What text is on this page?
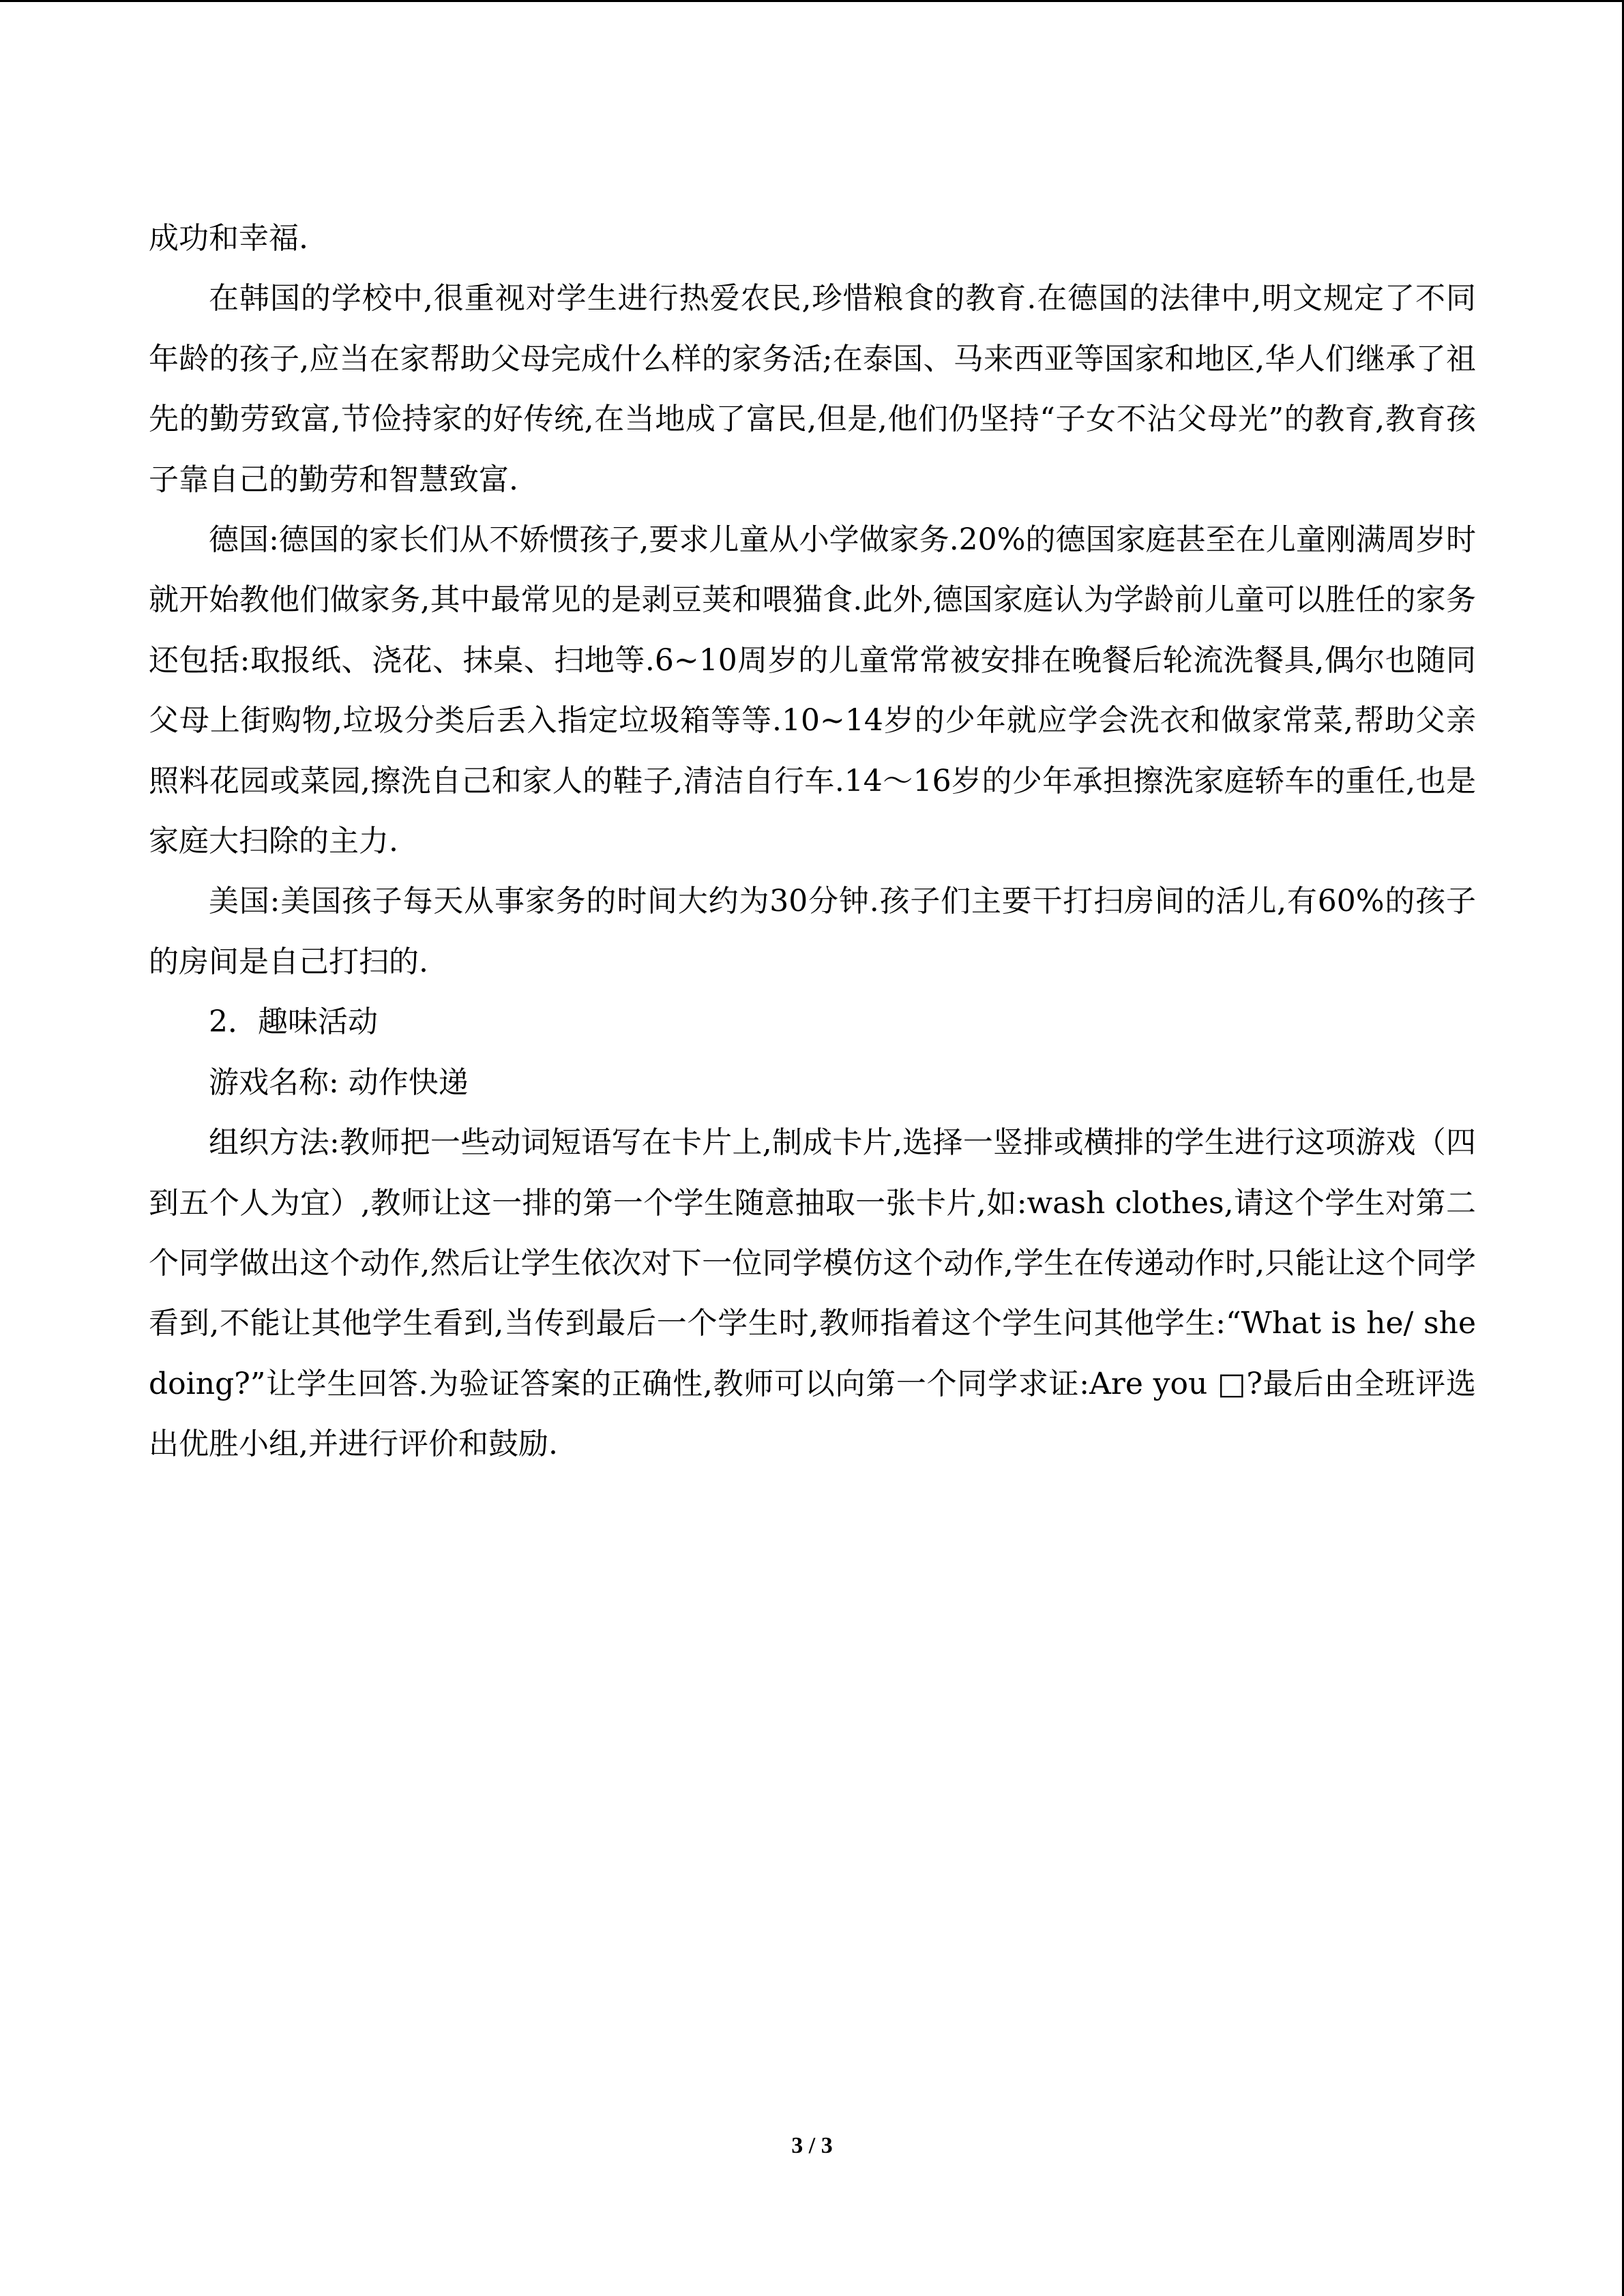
成功和幸福.

在韩国的学校中,很重视对学生进行热爱农民,珍惜粮食的教育.在德国的法律中,明文规定了不同年龄的孩子,应当在家帮助父母完成什么样的家务活;在泰国、马来西亚等国家和地区,华人们继承了祖先的勤劳致富,节俭持家的好传统,在当地成了富民,但是,他们仍坚持“子女不沾父母光”的教育,教育孩子靠自己的勤劳和智慧致富.

德国:德国的家长们从不娇惯孩子,要求儿童从小学做家务.20%的德国家庭甚至在儿童刚满周岁时就开始教他们做家务,其中最常见的是剥豆荚和喂猫食.此外,德国家庭认为学龄前儿童可以胜任的家务还包括:取报纸、浇花、抹桌、扫地等.6~10周岁的儿童常常被安排在晚餐后轮流洗餐具,偶尔也随同父母上街购物,垃圾分类后丢入指定垃圾箱等等.10~14岁的少年就应学会洗衣和做家常菜,帮助父亲照料花园或菜园,擦洗自己和家人的鞋子,清洁自行车.14～16岁的少年承担擦洗家庭轿车的重任,也是家庭大扫除的主力.

美国:美国孩子每天从事家务的时间大约为30分钟.孩子们主要干打扫房间的活儿,有60%的孩子的房间是自己打扫的.

2．趣味活动

游戏名称: 动作快递

组织方法:教师把一些动词短语写在卡片上,制成卡片,选择一竖排或横排的学生进行这项游戏（四到五个人为宜）,教师让这一排的第一个学生随意抽取一张卡片,如:wash clothes,请这个学生对第二个同学做出这个动作,然后让学生依次对下一位同学模仿这个动作,学生在传递动作时,只能让这个同学看到,不能让其他学生看到,当传到最后一个学生时,教师指着这个学生问其他学生:“What is he/ she doing?”让学生回答.为验证答案的正确性,教师可以向第一个同学求证:Are you □?最后由全班评选出优胜小组,并进行评价和鼓励.

3 / 3
